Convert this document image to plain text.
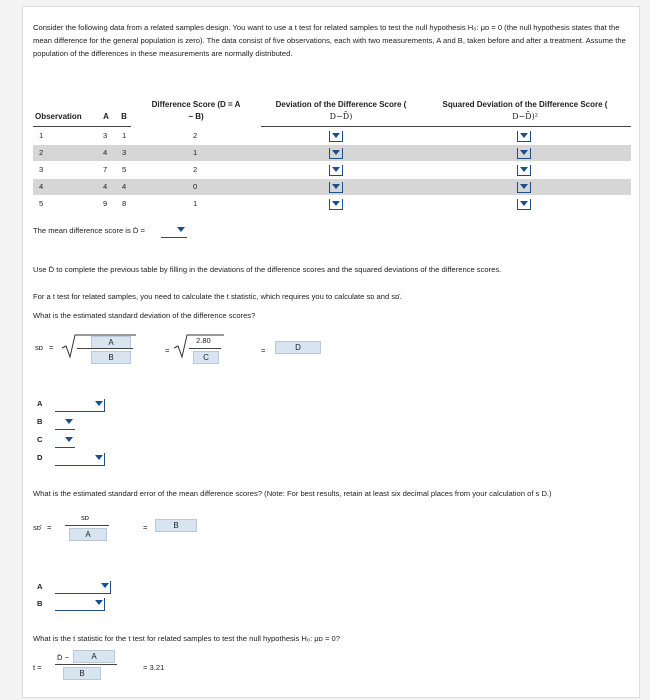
Consider the following data from a related samples design. You want to use a t test for related samples to test the null hypothesis H₀: μᴅ = 0 (the null hypothesis states that the mean difference for the general population is zero). The data consist of five observations, each with two measurements, A and B, taken before and after a treatment. Assume the population of the differences in these measurements are normally distributed.
Observation	A B
Difference Score (D = A
− B)
Deviation of the Difference Score (
D−D̄)
Squared Deviation of the Difference Score (
D−D̄)²
1	3 1	2
2	4 3	1
3	7 5	2
4	4 4	0
5	9 8	1
The mean difference score is D̄ =
Use D̄ to complete the previous table by filling in the deviations of the difference scores and the squared deviations of the difference scores.
For a t test for related samples, you need to calculate the t statistic, which requires you to calculate sᴅ and sᴅ̄.
What is the estimated standard deviation of the difference scores?
sᴅ =
A
B
=
2.80
C
=	D
A
B
C
D
What is the estimated standard error of the mean difference scores? (Note: For best results, retain at least six decimal places from your calculation of s D.)
sᴅ̄ =
sᴅ
A
=	B
A
B
What is the t statistic for the t test for related samples to test the null hypothesis H₀: μᴅ = 0?
t =
D̄ −	A
B
= 3.21
